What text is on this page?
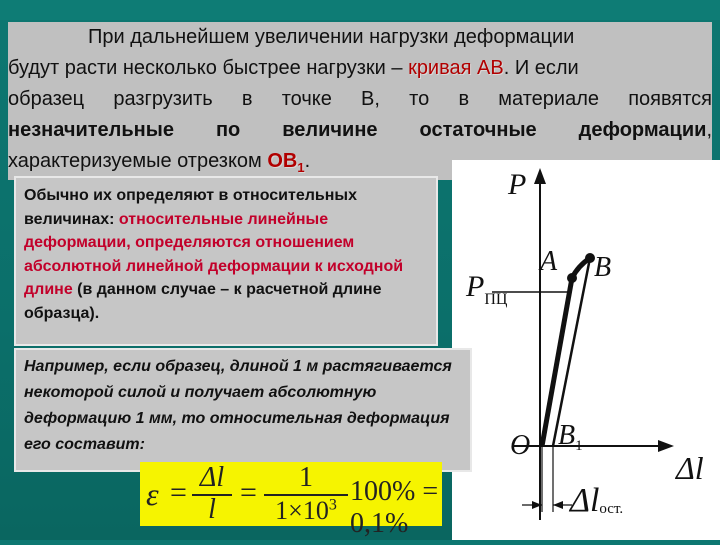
При дальнейшем увеличении нагрузки деформации
будут расти несколько быстрее нагрузки – кривая АВ. И если
образец разгрузить в точке В, то в материале появятся
незначительные по величине остаточные деформации,
характеризуемые отрезком $ОВ_1$.
P
$P_{ПЦ}$
A B
O $B_1$
Δl
Δlост.
Обычно их определяют в относительных величинах: относительные линейные деформации, определяются отношением абсолютной линейной деформации к исходной длине (в данном случае – к расчетной длине образца).
Например, если образец, длиной 1 м растягивается некоторой силой и получает абсолютную деформацию 1 мм, то относительная деформация его составит:
ε = Δl
l
=	1
$1\times 10^3$ 100% = 0,1%
